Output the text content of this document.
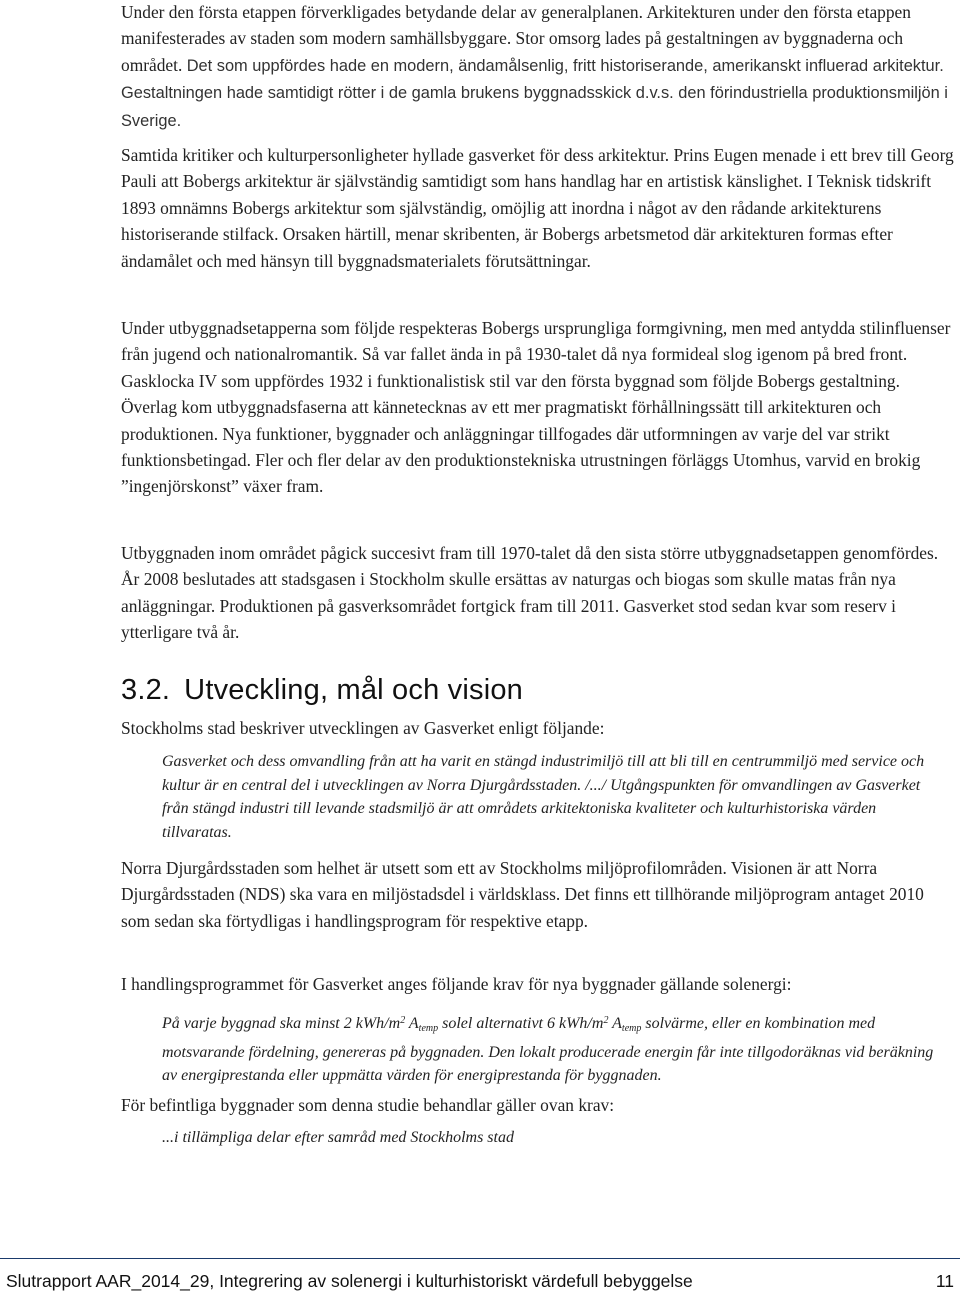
Under den första etappen förverkligades betydande delar av generalplanen. Arkitekturen under den första etappen manifesterades av staden som modern samhällsbyggare. Stor omsorg lades på gestaltningen av byggnaderna och området. Det som uppfördes hade en modern, ändamålsenlig, fritt historiserande, amerikanskt influerad arkitektur. Gestaltningen hade samtidigt rötter i de gamla brukens byggnadsskick d.v.s. den förindustriella produktionsmiljön i Sverige.

Samtida kritiker och kulturpersonligheter hyllade gasverket för dess arkitektur. Prins Eugen menade i ett brev till Georg Pauli att Bobergs arkitektur är självständig samtidigt som hans handlag har en artistisk känslighet. I Teknisk tidskrift 1893 omnämns Bobergs arkitektur som självständig, omöjlig att inordna i något av den rådande arkitekturens historiserande stilfack. Orsaken härtill, menar skribenten, är Bobergs arbetsmetod där arkitekturen formas efter ändamålet och med hänsyn till byggnadsmaterialets förutsättningar.

Under utbyggnadsetapperna som följde respekteras Bobergs ursprungliga formgivning, men med antydda stilinfluenser från jugend och nationalromantik. Så var fallet ända in på 1930-talet då nya formideal slog igenom på bred front. Gasklocka IV som uppfördes 1932 i funktionalistisk stil var den första byggnad som följde Bobergs gestaltning. Överlag kom utbyggnadsfaserna att kännetecknas av ett mer pragmatiskt förhållningssätt till arkitekturen och produktionen. Nya funktioner, byggnader och anläggningar tillfogades där utformningen av varje del var strikt funktionsbetingad. Fler och fler delar av den produktionstekniska utrustningen förläggs Utomhus, varvid en brokig ”ingenjörskonst” växer fram.

Utbyggnaden inom området pågick succesivt fram till 1970-talet då den sista större utbyggnadsetappen genomfördes. År 2008 beslutades att stadsgasen i Stockholm skulle ersättas av naturgas och biogas som skulle matas från nya anläggningar. Produktionen på gasverksområdet fortgick fram till 2011. Gasverket stod sedan kvar som reserv i ytterligare två år.

3.2. Utveckling, mål och vision

Stockholms stad beskriver utvecklingen av Gasverket enligt följande:

Gasverket och dess omvandling från att ha varit en stängd industrimiljö till att bli till en centrummiljö med service och kultur är en central del i utvecklingen av Norra Djurgårdsstaden. /.../ Utgångspunkten för omvandlingen av Gasverket från stängd industri till levande stadsmiljö är att områdets arkitektoniska kvaliteter och kulturhistoriska värden tillvaratas.

Norra Djurgårdsstaden som helhet är utsett som ett av Stockholms miljöprofilområden. Visionen är att Norra Djurgårdsstaden (NDS) ska vara en miljöstadsdel i världsklass. Det finns ett tillhörande miljöprogram antaget 2010 som sedan ska förtydligas i handlingsprogram för respektive etapp.

I handlingsprogrammet för Gasverket anges följande krav för nya byggnader gällande solenergi:

På varje byggnad ska minst 2 kWh/$m^2$ $A_{temp}$ solel alternativt 6 kWh/$m^2$ $A_{temp}$ solvärme, eller en kombination med motsvarande fördelning, genereras på byggnaden. Den lokalt producerade energin får inte tillgodoräknas vid beräkning av energiprestanda eller uppmätta värden för energiprestanda för byggnaden.

För befintliga byggnader som denna studie behandlar gäller ovan krav:

...i tillämpliga delar efter samråd med Stockholms stad

Slutrapport AAR_2014_29, Integrering av solenergi i kulturhistoriskt värdefull bebyggelse	11
